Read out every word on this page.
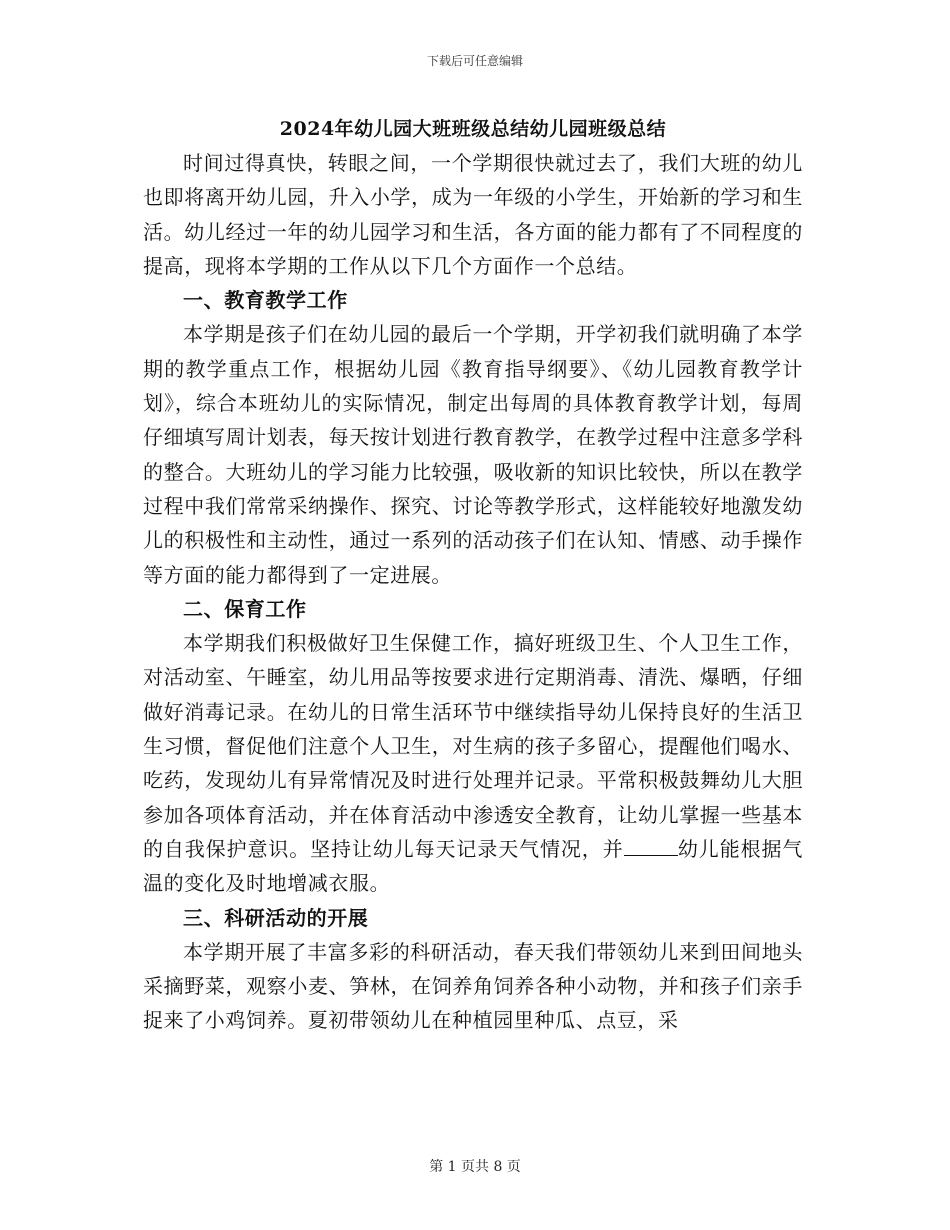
下载后可任意编辑
2024年幼儿园大班班级总结幼儿园班级总结

时间过得真快，转眼之间，一个学期很快就过去了，我们大班的幼儿也即将离开幼儿园，升入小学，成为一年级的小学生，开始新的学习和生活。幼儿经过一年的幼儿园学习和生活，各方面的能力都有了不同程度的提高，现将本学期的工作从以下几个方面作一个总结。

一、教育教学工作

本学期是孩子们在幼儿园的最后一个学期，开学初我们就明确了本学期的教学重点工作，根据幼儿园《教育指导纲要》、《幼儿园教育教学计划》，综合本班幼儿的实际情况，制定出每周的具体教育教学计划，每周仔细填写周计划表，每天按计划进行教育教学，在教学过程中注意多学科的整合。大班幼儿的学习能力比较强，吸收新的知识比较快，所以在教学过程中我们常常采纳操作、探究、讨论等教学形式，这样能较好地激发幼儿的积极性和主动性，通过一系列的活动孩子们在认知、情感、动手操作等方面的能力都得到了一定进展。

二、保育工作

本学期我们积极做好卫生保健工作，搞好班级卫生、个人卫生工作，对活动室、午睡室，幼儿用品等按要求进行定期消毒、清洗、爆晒，仔细做好消毒记录。在幼儿的日常生活环节中继续指导幼儿保持良好的生活卫生习惯，督促他们注意个人卫生，对生病的孩子多留心，提醒他们喝水、吃药，发现幼儿有异常情况及时进行处理并记录。平常积极鼓舞幼儿大胆参加各项体育活动，并在体育活动中渗透安全教育，让幼儿掌握一些基本的自我保护意识。坚持让幼儿每天记录天气情况，并	幼儿能根据气温的变化及时地增减衣服。

三、科研活动的开展

本学期开展了丰富多彩的科研活动，春天我们带领幼儿来到田间地头采摘野菜，观察小麦、笋林，在饲养角饲养各种小动物，并和孩子们亲手捉来了小鸡饲养。夏初带领幼儿在种植园里种瓜、点豆，采

第 1 页共 8 页
